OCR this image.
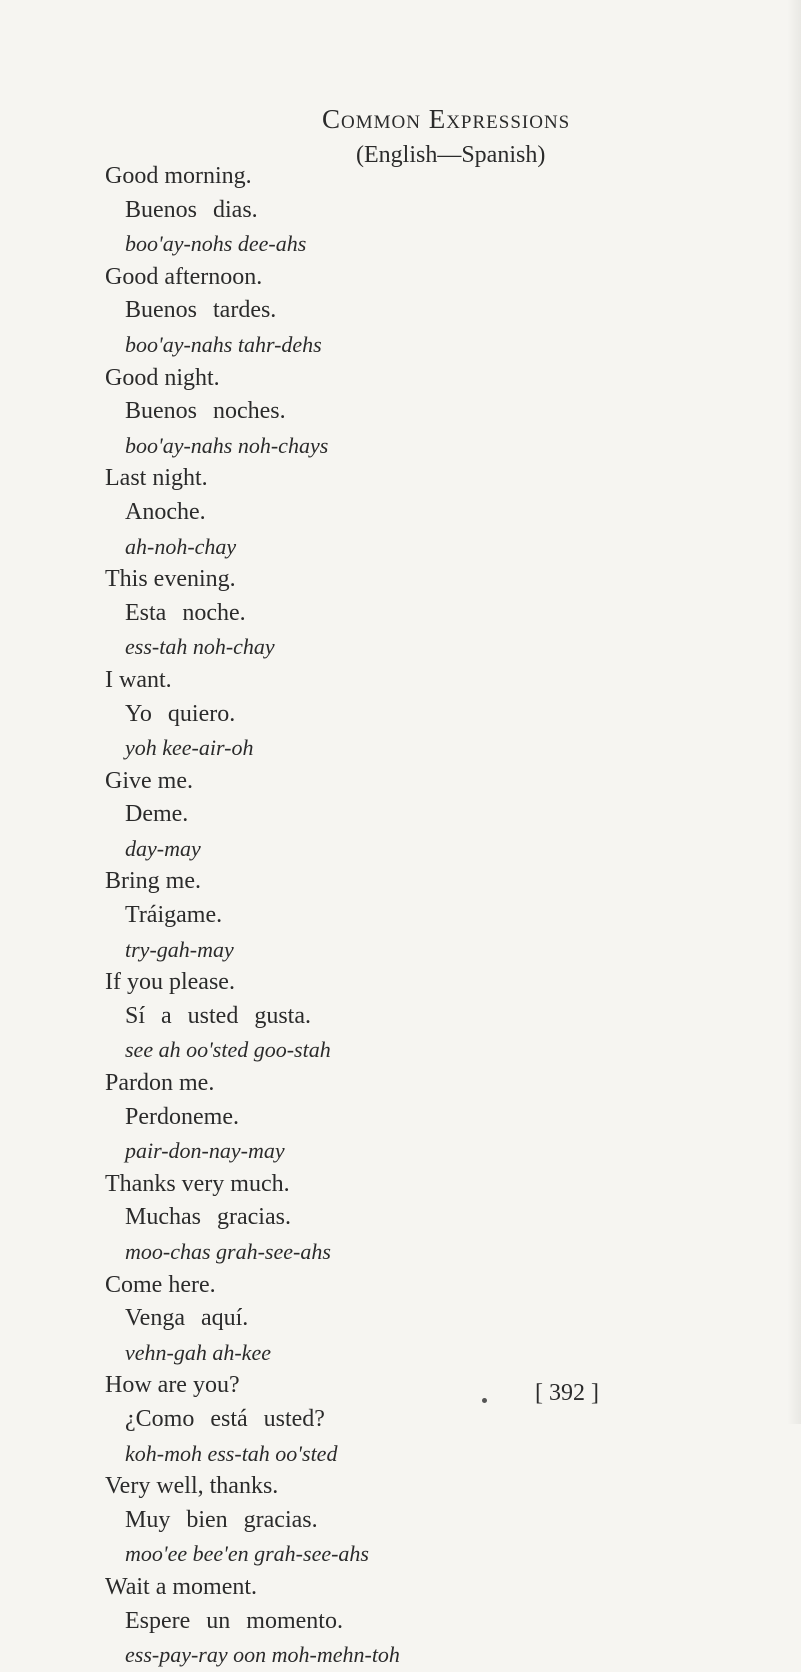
Common Expressions
(English—Spanish)
Good morning.
Buenos dias.
boo'ay-nohs dee-ahs
Good afternoon.
Buenos tardes.
boo'ay-nahs tahr-dehs
Good night.
Buenos noches.
boo'ay-nahs noh-chays
Last night.
Anoche.
ah-noh-chay
This evening.
Esta noche.
ess-tah noh-chay
I want.
Yo quiero.
yoh kee-air-oh
Give me.
Deme.
day-may
Bring me.
Tráigame.
try-gah-may
If you please.
Sí a usted gusta.
see ah oo'sted goo-stah
Pardon me.
Perdoneme.
pair-don-nay-may
Thanks very much.
Muchas gracias.
moo-chas grah-see-ahs
Come here.
Venga aquí.
vehn-gah ah-kee
How are you?
¿Como está usted?
koh-moh ess-tah oo'sted
Very well, thanks.
Muy bien gracias.
moo'ee bee'en grah-see-ahs
Wait a moment.
Espere un momento.
ess-pay-ray oon moh-mehn-toh
[ 392 ]
